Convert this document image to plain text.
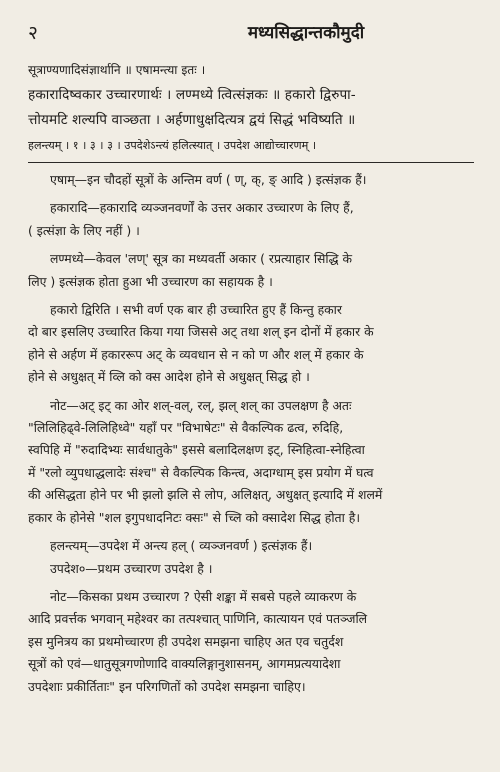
२	मध्यसिद्धान्तकौमुदी
सूत्राण्यणादिसंज्ञार्थानि ॥ एषामन्त्या इतः ।
हकारादिष्वकार उच्चारणार्थः । लण्मध्ये त्वित्संज्ञकः ॥ हकारो द्विरुपा-
त्तोयमटि शल्यपि वाञ्छता । अर्हणाधुक्षदित्यत्र द्वयं सिद्धं भविष्यति ॥
हलन्त्यम् । १ । ३ । ३ । उपदेशेऽन्त्यं हलित्स्यात् । उपदेश आद्योच्चारणम् ।

एषाम्—इन चौदहों सूत्रों के अन्तिम वर्ण ( ण्, क्, ङ् आदि ) इत्संज्ञक हैं।

हकारादि—हकारादि व्यञ्जनवर्णों के उत्तर अकार उच्चारण के लिए हैं,
( इत्संज्ञा के लिए नहीं ) ।

लण्मध्ये—केवल 'लण्' सूत्र का मध्यवर्ती अकार ( रप्रत्याहार सिद्धि के
लिए ) इत्संज्ञक होता हुआ भी उच्चारण का सहायक है ।

हकारो द्विरिति । सभी वर्ण एक बार ही उच्चारित हुए हैं किन्तु हकार
दो बार इसलिए उच्चारित किया गया जिससे अट् तथा शल् इन दोनों में हकार के
होने से अर्हण में हकाररूप अट् के व्यवधान से न को ण और शल् में हकार के
होने से अधुक्षत् में व्लि को क्स आदेश होने से अधुक्षत् सिद्ध हो ।

नोट—अट् इट् का ओर शल्-वल्, रल्, झल् शल् का उपलक्षण है अतः
"लिलिहिढ्वे-लिलिहिध्वे" यहाँ पर "विभाषेटः" से वैकल्पिक ढत्व, रुदिहि,
स्वपिहि में "रुदादिभ्यः सार्वधातुके" इससे बलादिलक्षण इट्, स्निहित्वा-स्नेहित्वा
में "रलो व्युपधाद्धलादेः संश्च" से वैकल्पिक किन्त्व, अदाग्धाम् इस प्रयोग में घत्व
की असिद्धता होने पर भी झलो झलि से लोप, अलिक्षत्, अधुक्षत् इत्यादि में शलमें
हकार के होनेसे "शल इगुपधादनिटः क्सः" से च्लि को क्सादेश सिद्ध होता है।

हलन्त्यम्—उपदेश में अन्त्य हल् ( व्यञ्जनवर्ण ) इत्संज्ञक हैं।
उपदेश०—प्रथम उच्चारण उपदेश है ।

नोट—किसका प्रथम उच्चारण ? ऐसी शङ्का में सबसे पहले व्याकरण के
आदि प्रवर्त्तक भगवान् महेश्वर का तत्पश्चात् पाणिनि, कात्यायन एवं पतञ्जलि
इस मुनित्रय का प्रथमोच्चारण ही उपदेश समझना चाहिए अत एव चतुर्दश
सूत्रों को एवं—धातुसूत्रगणोणादि वाक्यलिङ्गानुशासनम्, आगमप्रत्ययादेशा
उपदेशाः प्रकीर्तिताः" इन परिगणितों को उपदेश समझना चाहिए।
